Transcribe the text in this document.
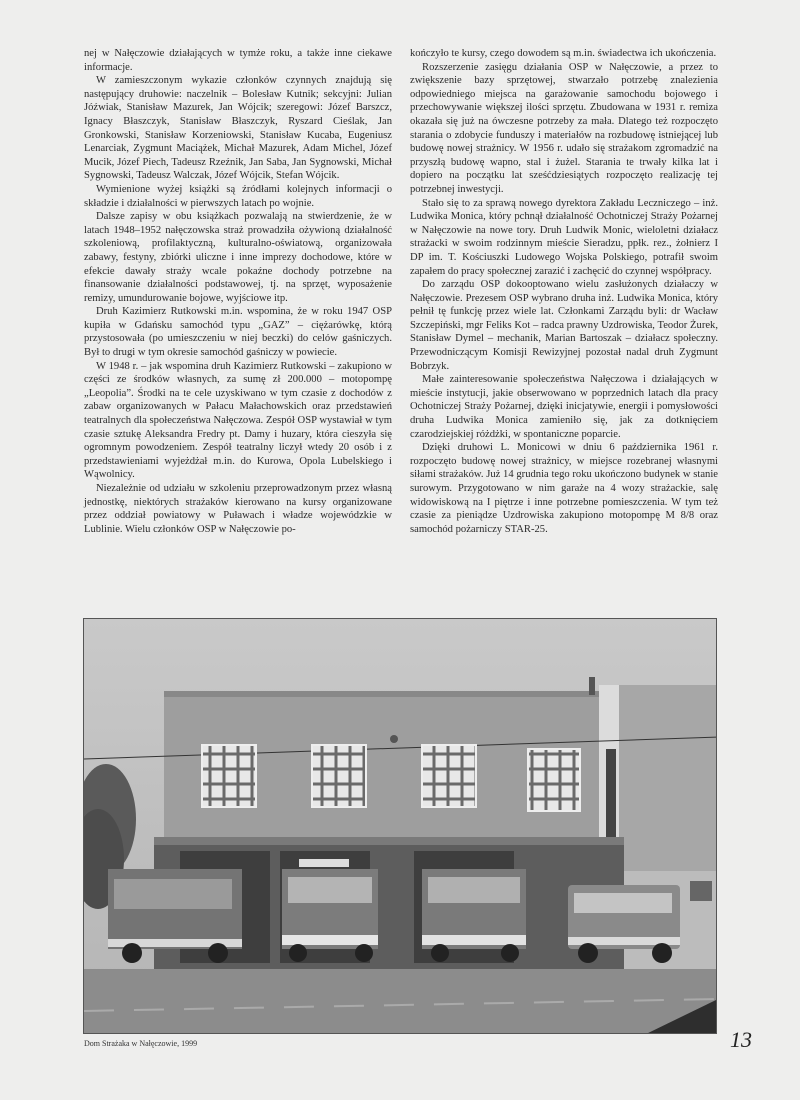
nej w Nałęczowie działających w tymże roku, a także inne ciekawe informacje.

W zamieszczonym wykazie członków czynnych znajdują się następujący druhowie: naczelnik – Bolesław Kutnik; sekcyjni: Julian Jóźwiak, Stanisław Mazurek, Jan Wójcik; szeregowi: Józef Barszcz, Ignacy Błaszczyk, Stanisław Błaszczyk, Ryszard Cieślak, Jan Gronkowski, Stanisław Korzeniowski, Stanisław Kucaba, Eugeniusz Lenarciak, Zygmunt Maciążek, Michał Mazurek, Adam Michel, Józef Mucik, Józef Piech, Tadeusz Rzeźnik, Jan Saba, Jan Sygnowski, Michał Sygnowski, Tadeusz Walczak, Józef Wójcik, Stefan Wójcik.

Wymienione wyżej książki są źródłami kolejnych informacji o składzie i działalności w pierwszych latach po wojnie.

Dalsze zapisy w obu książkach pozwalają na stwierdzenie, że w latach 1948–1952 nałęczowska straż prowadziła ożywioną działalność szkoleniową, profilaktyczną, kulturalno-oświatową, organizowała zabawy, festyny, zbiórki uliczne i inne imprezy dochodowe, które w efekcie dawały straży wcale pokaźne dochody potrzebne na finansowanie działalności podstawowej, tj. na sprzęt, wyposażenie remizy, umundurowanie bojowe, wyjściowe itp.

Druh Kazimierz Rutkowski m.in. wspomina, że w roku 1947 OSP kupiła w Gdańsku samochód typu „GAZ” – ciężarówkę, którą przystosowała (po umieszczeniu w niej beczki) do celów gaśniczych. Był to drugi w tym okresie samochód gaśniczy w powiecie.

W 1948 r. – jak wspomina druh Kazimierz Rutkowski – zakupiono w części ze środków własnych, za sumę zł 200.000 – motopompę „Leopolia”. Środki na te cele uzyskiwano w tym czasie z dochodów z zabaw organizowanych w Pałacu Małachowskich oraz przedstawień teatralnych dla społeczeństwa Nałęczowa. Zespół OSP wystawiał w tym czasie sztukę Aleksandra Fredry pt. Damy i huzary, która cieszyła się ogromnym powodzeniem. Zespół teatralny liczył wtedy 20 osób i z przedstawieniami wyjeżdżał m.in. do Kurowa, Opola Lubelskiego i Wąwolnicy.

Niezależnie od udziału w szkoleniu przeprowadzonym przez własną jednostkę, niektórych strażaków kierowano na kursy organizowane przez oddział powiatowy w Puławach i władze wojewódzkie w Lublinie. Wielu członków OSP w Nałęczowie po-

kończyło te kursy, czego dowodem są m.in. świadectwa ich ukończenia.

Rozszerzenie zasięgu działania OSP w Nałęczowie, a przez to zwiększenie bazy sprzętowej, stwarzało potrzebę znalezienia odpowiedniego miejsca na garażowanie samochodu bojowego i przechowywanie większej ilości sprzętu. Zbudowana w 1931 r. remiza okazała się już na ówczesne potrzeby za mała. Dlatego też rozpoczęto starania o zdobycie funduszy i materiałów na rozbudowę istniejącej lub budowę nowej strażnicy. W 1956 r. udało się strażakom zgromadzić na przyszłą budowę wapno, stal i żużel. Starania te trwały kilka lat i dopiero na początku lat sześćdziesiątych rozpoczęto realizację tej potrzebnej inwestycji.

Stało się to za sprawą nowego dyrektora Zakładu Leczniczego – inż. Ludwika Monica, który pchnął działalność Ochotniczej Straży Pożarnej w Nałęczowie na nowe tory. Druh Ludwik Monic, wieloletni działacz strażacki w swoim rodzinnym mieście Sieradzu, ppłk. rez., żołnierz I DP im. T. Kościuszki Ludowego Wojska Polskiego, potrafił swoim zapałem do pracy społecznej zarazić i zachęcić do czynnej współpracy.

Do zarządu OSP dokooptowano wielu zasłużonych działaczy w Nałęczowie. Prezesem OSP wybrano druha inż. Ludwika Monica, który pełnił tę funkcję przez wiele lat. Członkami Zarządu byli: dr Wacław Szczepiński, mgr Feliks Kot – radca prawny Uzdrowiska, Teodor Żurek, Stanisław Dymel – mechanik, Marian Bartoszak – działacz społeczny. Przewodniczącym Komisji Rewizyjnej pozostał nadal druh Zygmunt Bobrzyk.

Małe zainteresowanie społeczeństwa Nałęczowa i działających w mieście instytucji, jakie obserwowano w poprzednich latach dla pracy Ochotniczej Straży Pożarnej, dzięki inicjatywie, energii i pomysłowości druha Ludwika Monica zamieniło się, jak za dotknięciem czarodziejskiej różdżki, w spontaniczne poparcie.

Dzięki druhowi L. Monicowi w dniu 6 października 1961 r. rozpoczęto budowę nowej strażnicy, w miejsce rozebranej własnymi siłami strażaków. Już 14 grudnia tego roku ukończono budynek w stanie surowym. Przygotowano w nim garaże na 4 wozy strażackie, salę widowiskową na I piętrze i inne potrzebne pomieszczenia. W tym też czasie za pieniądze Uzdrowiska zakupiono motopompę M 8/8 oraz samochód pożarniczy STAR-25.

Dom Strażaka w Nałęczowie, 1999	13
